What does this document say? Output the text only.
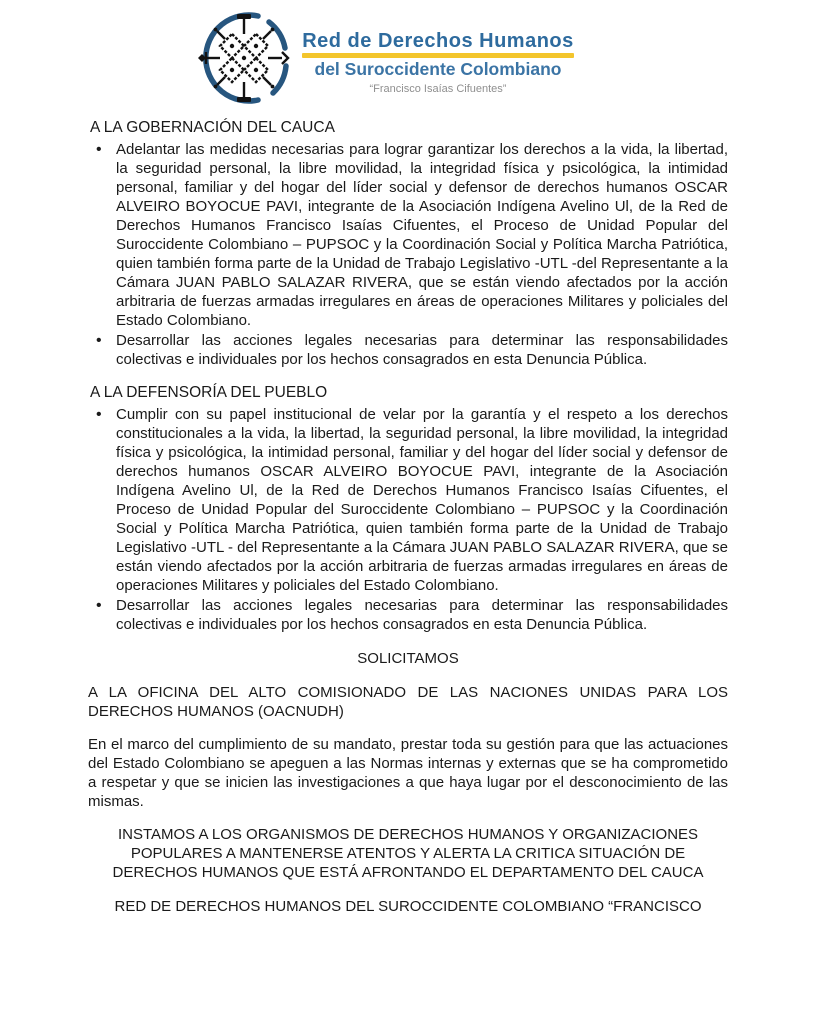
Red de Derechos Humanos
del Suroccidente Colombiano
“Francisco Isaías Cifuentes”
A LA GOBERNACIÓN DEL CAUCA
• Adelantar las medidas necesarias para lograr garantizar los derechos a la vida, la libertad, la seguridad personal, la libre movilidad, la integridad física y psicológica, la intimidad personal, familiar y del hogar del líder social y defensor de derechos humanos OSCAR ALVEIRO BOYOCUE PAVI, integrante de la Asociación Indígena Avelino Ul, de la Red de Derechos Humanos Francisco Isaías Cifuentes, el Proceso de Unidad Popular del Suroccidente Colombiano – PUPSOC y la Coordinación Social y Política Marcha Patriótica, quien también forma parte de la Unidad de Trabajo Legislativo -UTL -del Representante a la Cámara JUAN PABLO SALAZAR RIVERA, que se están viendo afectados por la acción arbitraria de fuerzas armadas irregulares en áreas de operaciones Militares y policiales del Estado Colombiano.
• Desarrollar las acciones legales necesarias para determinar las responsabilidades colectivas e individuales por los hechos consagrados en esta Denuncia Pública.
A LA DEFENSORÍA DEL PUEBLO
• Cumplir con su papel institucional de velar por la garantía y el respeto a los derechos constitucionales a la vida, la libertad, la seguridad personal, la libre movilidad, la integridad física y psicológica, la intimidad personal, familiar y del hogar del líder social y defensor de derechos humanos OSCAR ALVEIRO BOYOCUE PAVI, integrante de la Asociación Indígena Avelino Ul, de la Red de Derechos Humanos Francisco Isaías Cifuentes, el Proceso de Unidad Popular del Suroccidente Colombiano – PUPSOC y la Coordinación Social y Política Marcha Patriótica, quien también forma parte de la Unidad de Trabajo Legislativo -UTL - del Representante a la Cámara JUAN PABLO SALAZAR RIVERA, que se están viendo afectados por la acción arbitraria de fuerzas armadas irregulares en áreas de operaciones Militares y policiales del Estado Colombiano.
• Desarrollar las acciones legales necesarias para determinar las responsabilidades colectivas e individuales por los hechos consagrados en esta Denuncia Pública.
SOLICITAMOS
A LA OFICINA DEL ALTO COMISIONADO DE LAS NACIONES UNIDAS PARA LOS DERECHOS HUMANOS (OACNUDH)

En el marco del cumplimiento de su mandato, prestar toda su gestión para que las actuaciones del Estado Colombiano se apeguen a las Normas internas y externas que se ha comprometido a respetar y que se inicien las investigaciones a que haya lugar por el desconocimiento de las mismas.

INSTAMOS A LOS ORGANISMOS DE DERECHOS HUMANOS Y ORGANIZACIONES POPULARES A MANTENERSE ATENTOS Y ALERTA LA CRITICA SITUACIÓN DE DERECHOS HUMANOS QUE ESTÁ AFRONTANDO EL DEPARTAMENTO DEL CAUCA

RED DE DERECHOS HUMANOS DEL SUROCCIDENTE COLOMBIANO “FRANCISCO
